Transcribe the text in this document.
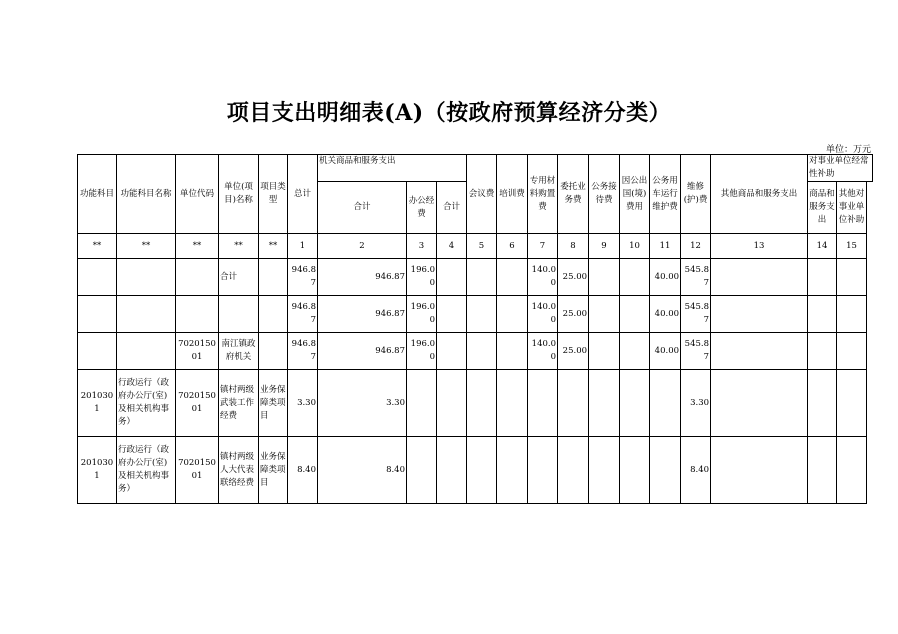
项目支出明细表(A)（按政府预算经济分类）
单位：万元
功能科目	功能科目名称	单位代码	单位(项目)名称	项目类型	总计	机关商品和服务支出			会议费	培训费	专用材料购置费	委托业务费	公务接待费	因公出国(境)费用	公务用车运行维护费	维修(护)费	其他商品和服务支出	对事业单位经常性补助	
						合计	办公经费	合计										商品和服务支出	其他对事业单位补助
**	**	**	**	**	1	2	3	4	5	6	7	8	9	10	11	12	13	14	15
			合计		946.87	946.87	196.00				140.00	25.00			40.00	545.87			
					946.87	946.87	196.00				140.00	25.00			40.00	545.87			
		702015001	南江镇政府机关		946.87	946.87	196.00				140.00	25.00			40.00	545.87			
2010301	行政运行（政府办公厅(室)及相关机构事务）	702015001	镇村两级武装工作经费	业务保障类项目	3.30	3.30										3.30			
2010301	行政运行（政府办公厅(室)及相关机构事务）	702015001	镇村两级人大代表联络经费	业务保障类项目	8.40	8.40										8.40			
